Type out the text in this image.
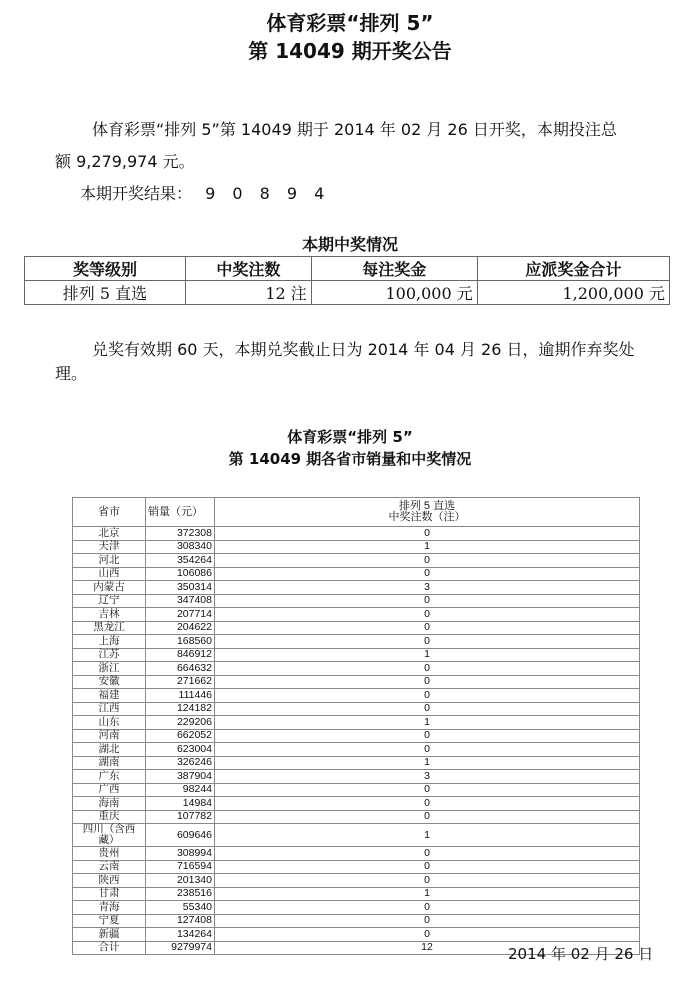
体育彩票“排列 5”
第 14049 期开奖公告
体育彩票“排列 5”第 14049 期于 2014 年 02 月 26 日开奖，本期投注总
额 9,279,974 元。
本期开奖结果： 9 0 8 9 4
本期中奖情况
奖等级别	中奖注数	每注奖金	应派奖金合计
排列 5 直选	12 注	100,000 元	1,200,000 元
兑奖有效期 60 天，本期兑奖截止日为 2014 年 04 月 26 日，逾期作弃奖处
理。
体育彩票“排列 5”
第 14049 期各省市销量和中奖情况
省市	销量（元）	排列 5 直选
中奖注数（注）

北京	372308	0
天津	308340	1
河北	354264	0
山西	106086	0
内蒙古	350314	3
辽宁	347408	0
吉林	207714	0
黑龙江	204622	0
上海	168560	0
江苏	846912	1
浙江	664632	0
安徽	271662	0
福建	111446	0
江西	124182	0
山东	229206	1
河南	662052	0
湖北	623004	0
湖南	326246	1
广东	387904	3
广西	98244	0
海南	14984	0
重庆	107782	0
四川（含西藏）	609646	1
贵州	308994	0
云南	716594	0
陕西	201340	0
甘肃	238516	1
青海	55340	0
宁夏	127408	0
新疆	134264	0
合计	9279974	12	2014 年 02 月 26 日
